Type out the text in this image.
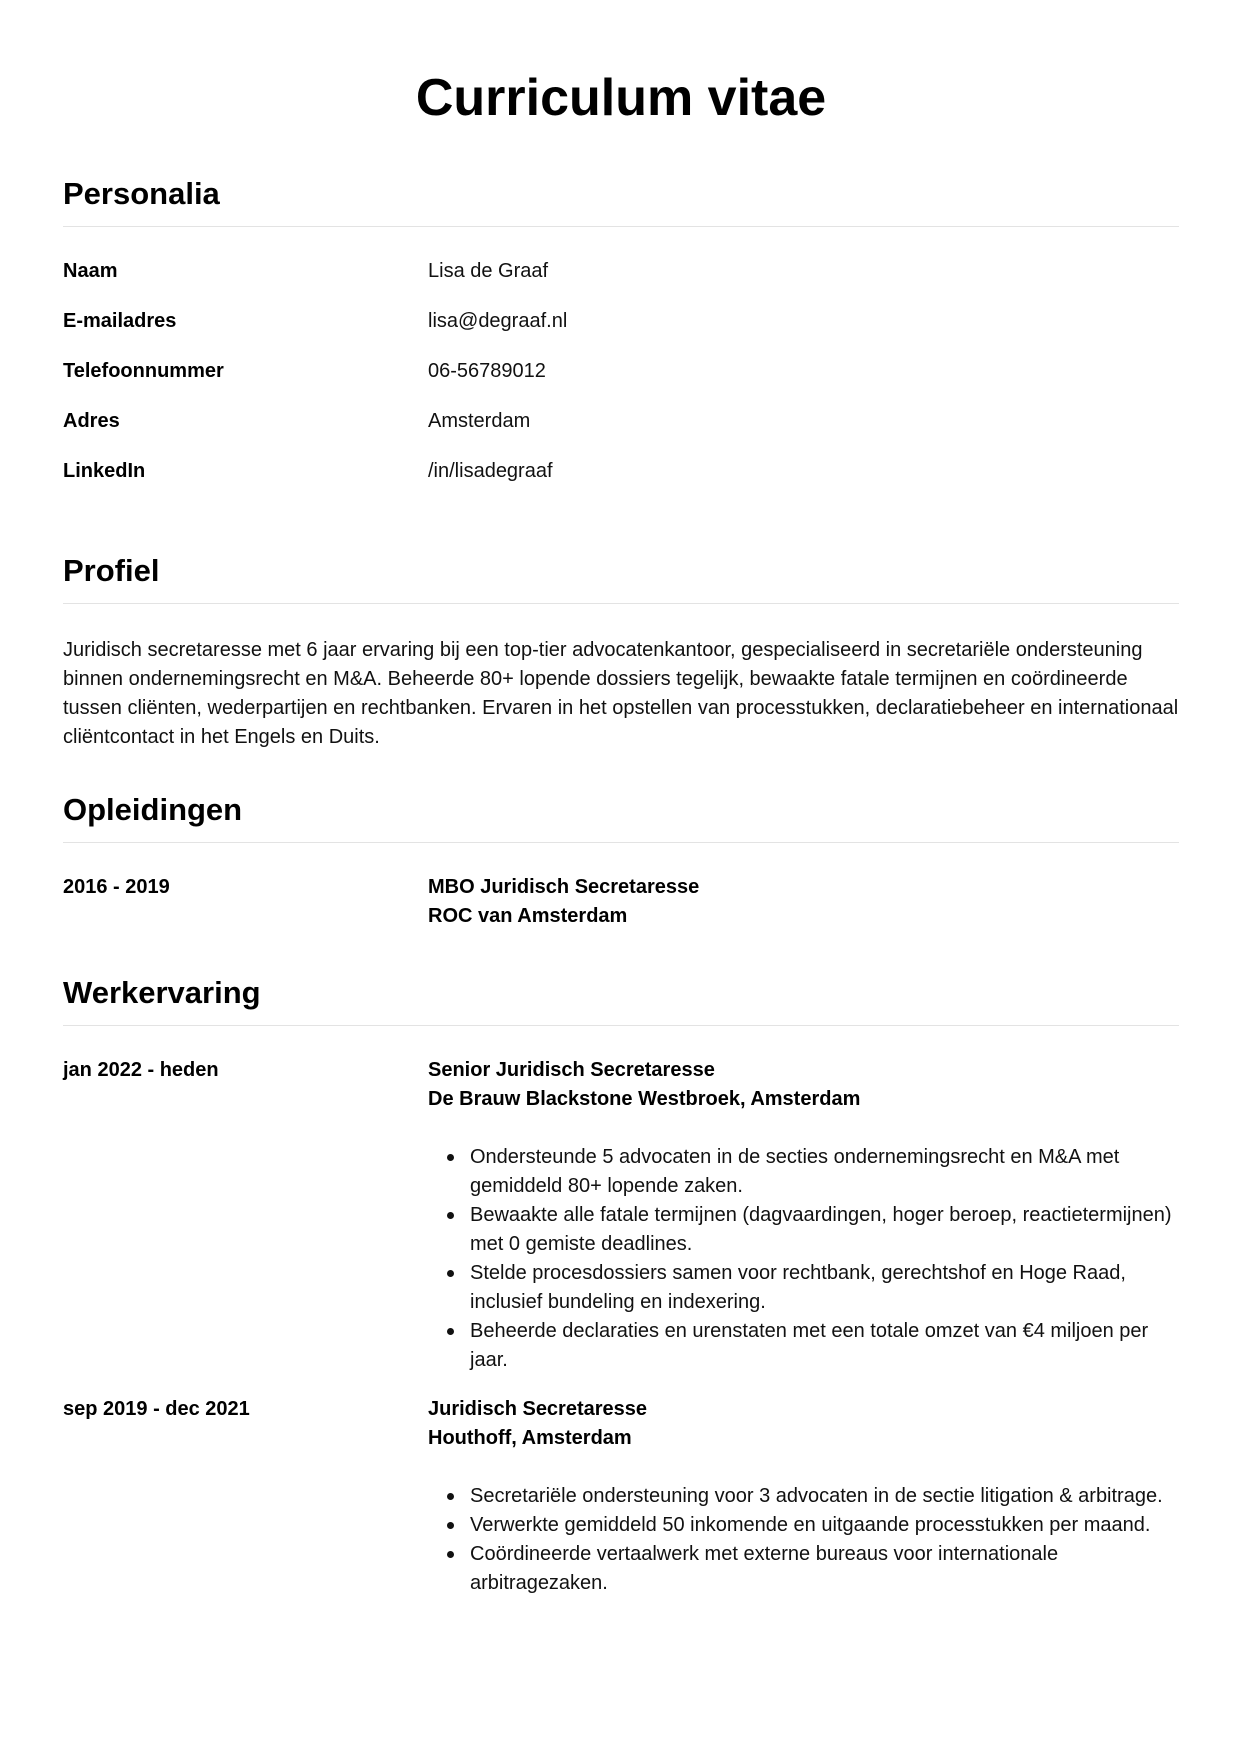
Curriculum vitae
Personalia
Naam	Lisa de Graaf
E-mailadres	lisa@degraaf.nl
Telefoonnummer	06-56789012
Adres	Amsterdam
LinkedIn	/in/lisadegraaf
Profiel

Juridisch secretaresse met 6 jaar ervaring bij een top-tier advocatenkantoor, gespecialiseerd in secretariële ondersteuning binnen ondernemingsrecht en M&A. Beheerde 80+ lopende dossiers tegelijk, bewaakte fatale termijnen en coördineerde tussen cliënten, wederpartijen en rechtbanken. Ervaren in het opstellen van processtukken, declaratiebeheer en internationaal cliëntcontact in het Engels en Duits.

Opleidingen
2016 - 2019	MBO Juridisch Secretaresse
ROC van Amsterdam
Werkervaring
jan 2022 - heden	Senior Juridisch Secretaresse
De Brauw Blackstone Westbroek, Amsterdam
Ondersteunde 5 advocaten in de secties ondernemingsrecht en M&A met gemiddeld 80+ lopende zaken.
Bewaakte alle fatale termijnen (dagvaardingen, hoger beroep, reactietermijnen) met 0 gemiste deadlines.
Stelde procesdossiers samen voor rechtbank, gerechtshof en Hoge Raad, inclusief bundeling en indexering.
Beheerde declaraties en urenstaten met een totale omzet van €4 miljoen per jaar.
sep 2019 - dec 2021	Juridisch Secretaresse
Houthoff, Amsterdam
Secretariële ondersteuning voor 3 advocaten in de sectie litigation & arbitrage.
Verwerkte gemiddeld 50 inkomende en uitgaande processtukken per maand.
Coördineerde vertaalwerk met externe bureaus voor internationale arbitragezaken.
